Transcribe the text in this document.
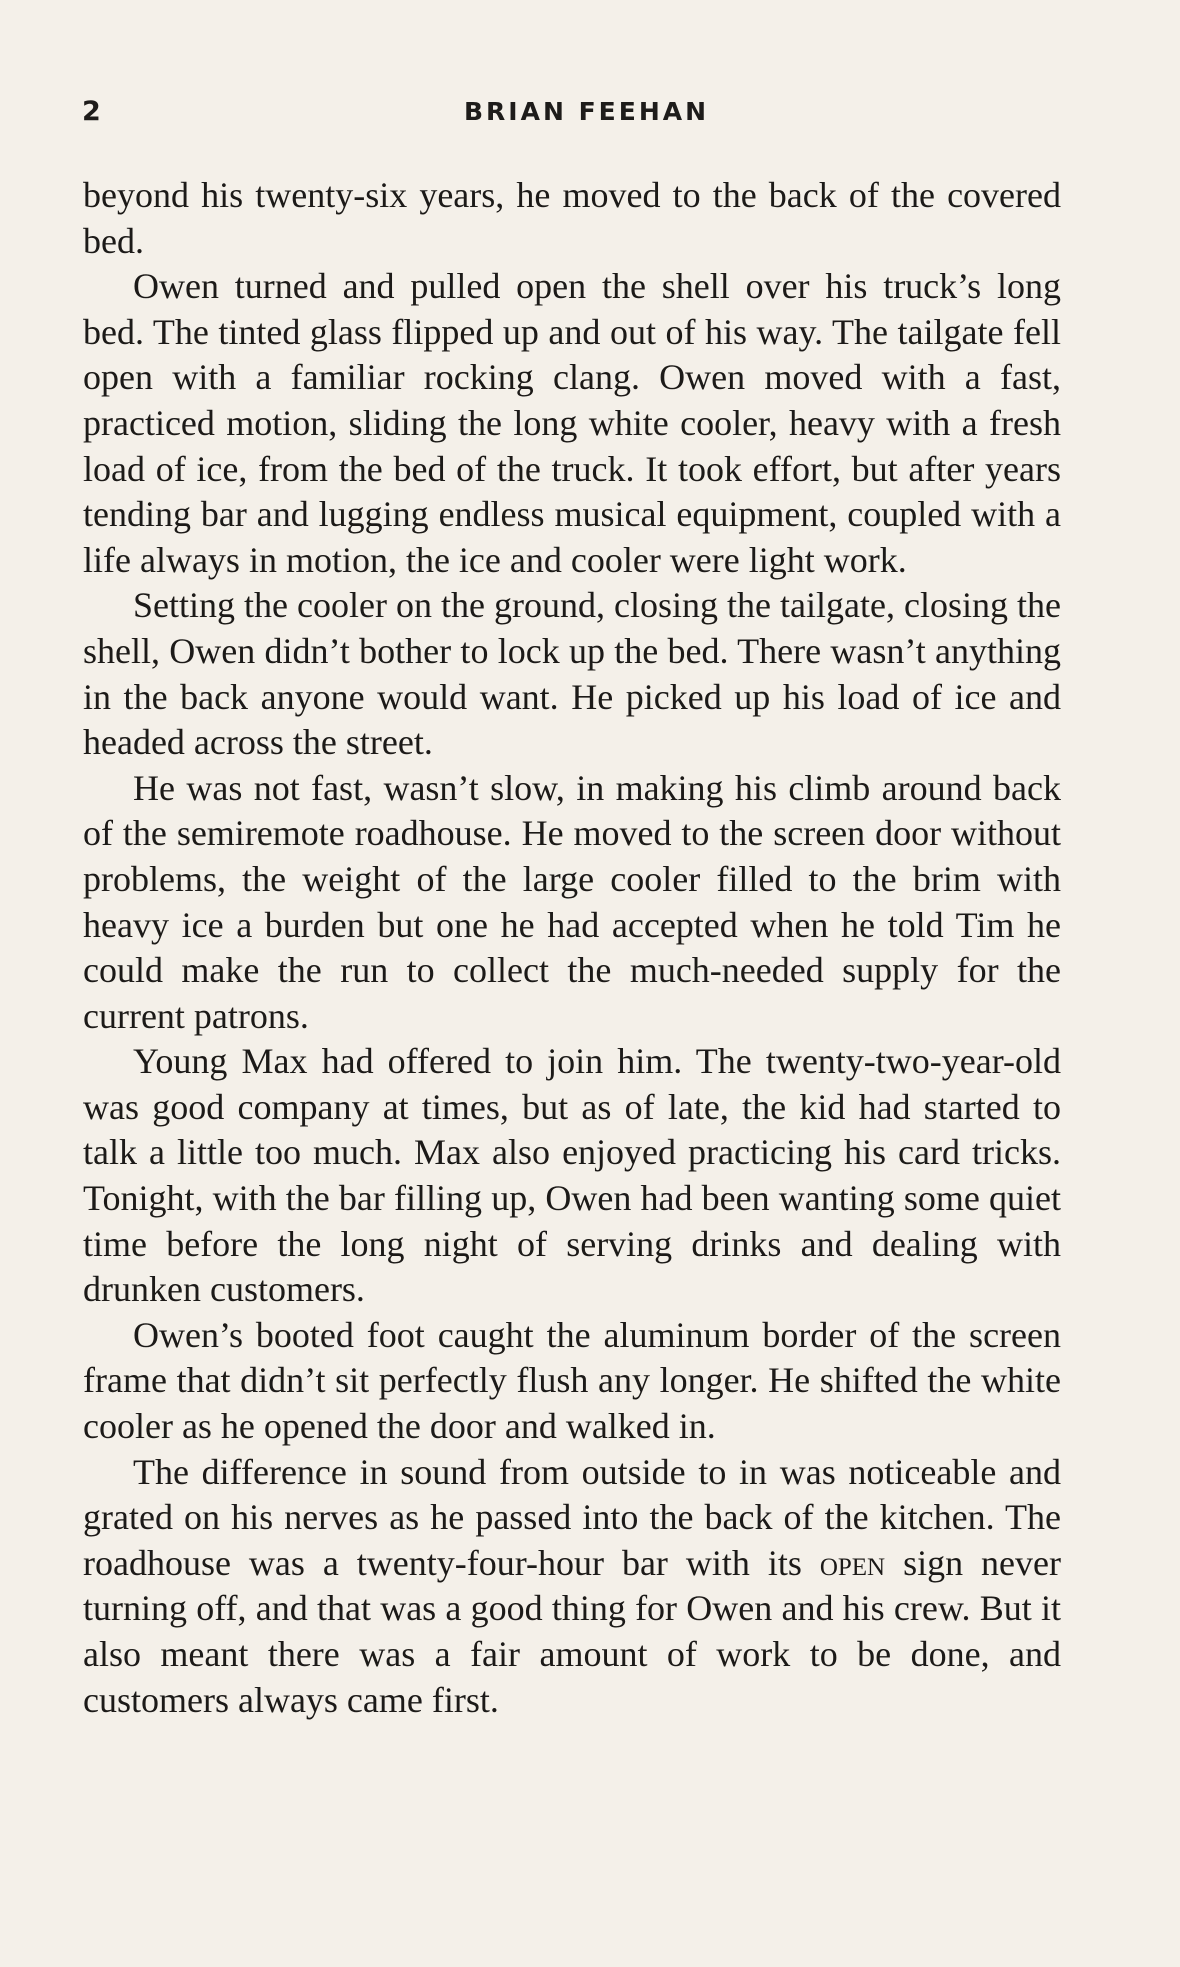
2	BRIAN FEEHAN

beyond his twenty-six years, he moved to the back of the covered bed.

Owen turned and pulled open the shell over his truck’s long bed. The tinted glass flipped up and out of his way. The tailgate fell open with a familiar rocking clang. Owen moved with a fast, practiced motion, sliding the long white cooler, heavy with a fresh load of ice, from the bed of the truck. It took effort, but after years tending bar and lugging endless musical equipment, coupled with a life always in motion, the ice and cooler were light work.

Setting the cooler on the ground, closing the tailgate, closing the shell, Owen didn’t bother to lock up the bed. There wasn’t anything in the back anyone would want. He picked up his load of ice and headed across the street.

He was not fast, wasn’t slow, in making his climb around back of the semiremote roadhouse. He moved to the screen door without problems, the weight of the large cooler filled to the brim with heavy ice a burden but one he had accepted when he told Tim he could make the run to collect the much-needed supply for the current patrons.

Young Max had offered to join him. The twenty-two-year-old was good company at times, but as of late, the kid had started to talk a little too much. Max also enjoyed practicing his card tricks. Tonight, with the bar filling up, Owen had been wanting some quiet time before the long night of serving drinks and dealing with drunken customers.

Owen’s booted foot caught the aluminum border of the screen frame that didn’t sit perfectly flush any longer. He shifted the white cooler as he opened the door and walked in.

The difference in sound from outside to in was noticeable and grated on his nerves as he passed into the back of the kitchen. The roadhouse was a twenty-four-hour bar with its open sign never turning off, and that was a good thing for Owen and his crew. But it also meant there was a fair amount of work to be done, and customers always came first.
